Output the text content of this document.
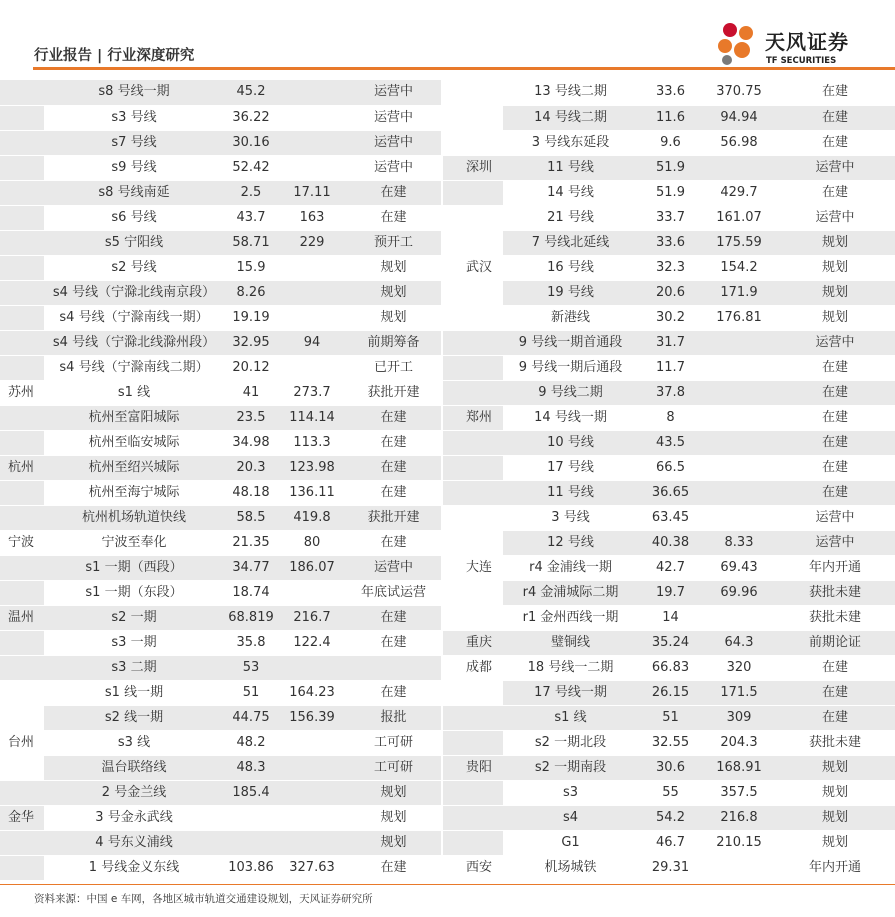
行业报告 | 行业深度研究
天风证券
TF SECURITIES
	s8 号线一期	45.2		运营中
	s3 号线	36.22		运营中
	s7 号线	30.16		运营中
	s9 号线	52.42		运营中
	s8 号线南延	2.5	17.11	在建
	s6 号线	43.7	163	在建
	s5 宁阳线	58.71	229	预开工
	s2 号线	15.9		规划
	s4 号线（宁滁北线南京段）	8.26		规划
	s4 号线（宁滁南线一期）	19.19		规划
	s4 号线（宁滁北线滁州段）	32.95	94	前期筹备
	s4 号线（宁滁南线二期）	20.12		已开工
苏州	s1 线	41	273.7	获批开建
	杭州至富阳城际	23.5	114.14	在建
	杭州至临安城际	34.98	113.3	在建
杭州	杭州至绍兴城际	20.3	123.98	在建
	杭州至海宁城际	48.18	136.11	在建
	杭州机场轨道快线	58.5	419.8	获批开建
宁波	宁波至奉化	21.35	80	在建
	s1 一期（西段）	34.77	186.07	运营中
	s1 一期（东段）	18.74		年底试运营
温州	s2 一期	68.819	216.7	在建
	s3 一期	35.8	122.4	在建
	s3 二期	53		
	s1 线一期	51	164.23	在建
	s2 线一期	44.75	156.39	报批
台州	s3 线	48.2		工可研
	温台联络线	48.3		工可研
	2 号金兰线	185.4		规划
金华	3 号金永武线			规划
	4 号东义浦线			规划
	1 号线金义东线	103.86	327.63	在建
	13 号线二期	33.6	370.75	在建
	14 号线二期	11.6	94.94	在建
	3 号线东延段	9.6	56.98	在建
深圳	11 号线	51.9		运营中
	14 号线	51.9	429.7	在建
	21 号线	33.7	161.07	运营中
	7 号线北延线	33.6	175.59	规划
武汉	16 号线	32.3	154.2	规划
	19 号线	20.6	171.9	规划
	新港线	30.2	176.81	规划
	9 号线一期首通段	31.7		运营中
	9 号线一期后通段	11.7		在建
	9 号线二期	37.8		在建
郑州	14 号线一期	8		在建
	10 号线	43.5		在建
	17 号线	66.5		在建
	11 号线	36.65		在建
	3 号线	63.45		运营中
	12 号线	40.38	8.33	运营中
大连	r4 金浦线一期	42.7	69.43	年内开通
	r4 金浦城际二期	19.7	69.96	获批未建
	r1 金州西线一期	14		获批未建
重庆	璧铜线	35.24	64.3	前期论证
成都	18 号线一二期	66.83	320	在建
	17 号线一期	26.15	171.5	在建
	s1 线	51	309	在建
	s2 一期北段	32.55	204.3	获批未建
贵阳	s2 一期南段	30.6	168.91	规划
	s3	55	357.5	规划
	s4	54.2	216.8	规划
	G1	46.7	210.15	规划
西安	机场城铁	29.31		年内开通
资料来源：中国 e 车网，各地区城市轨道交通建设规划，天风证券研究所
